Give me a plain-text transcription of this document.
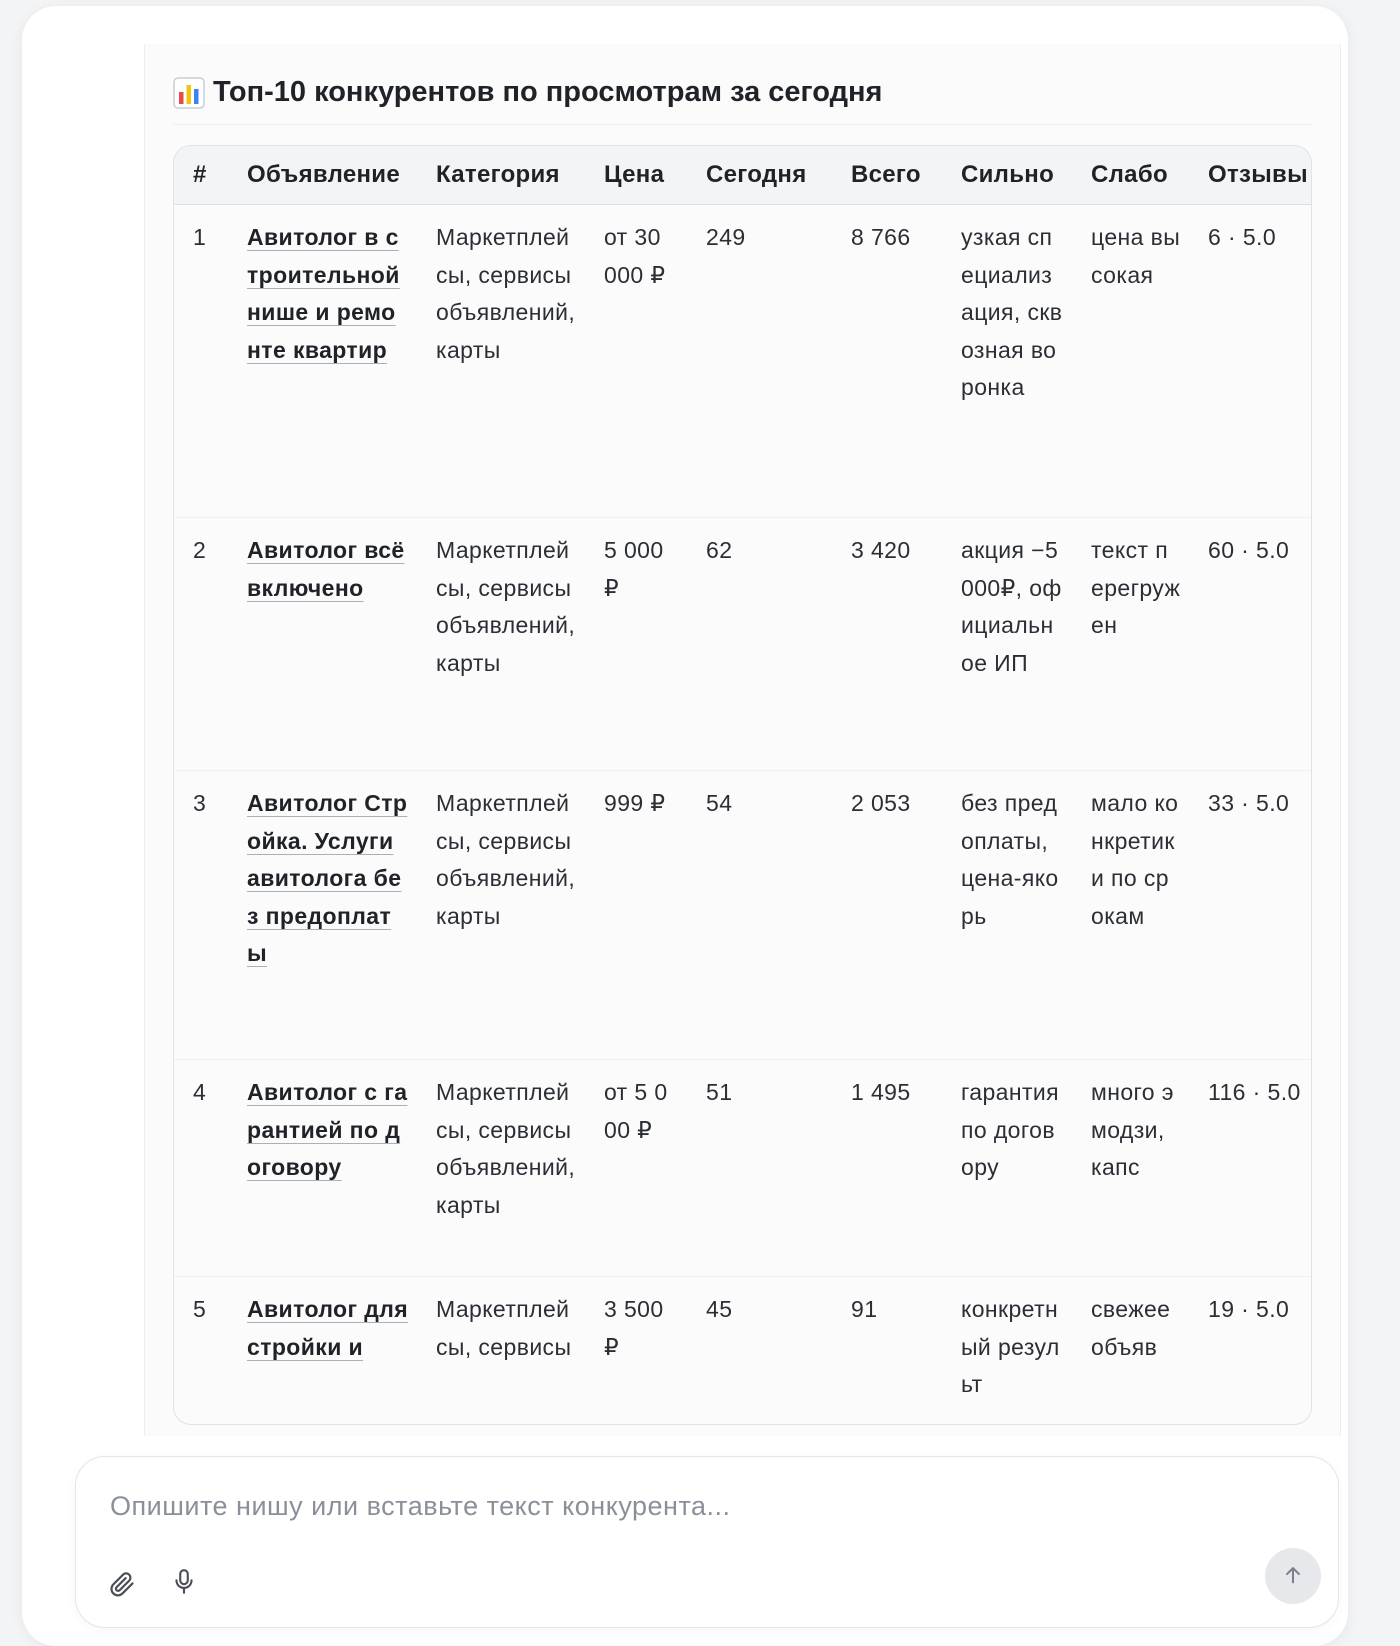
Топ-10 конкурентов по просмотрам за сегодня
#	Объявление	Категория	Цена	Сегодня	Всего	Сильно	Слабо	Отзывы
1	Авитолог в строительной нише и ремонте квартир	Маркетплейсы, сервисы объявлений, карты	от 30 000 ₽	249	8 766	узкая специализация, сквозная воронка	цена высокая	6 · 5.0
2	Авитолог всё включено	Маркетплейсы, сервисы объявлений, карты	5 000 ₽	62	3 420	акция −5000₽, официальное ИП	текст перегружен	60 · 5.0
3	Авитолог Стройка. Услуги авитолога без предоплаты	Маркетплейсы, сервисы объявлений, карты	999 ₽	54	2 053	без предоплаты, цена-якорь	мало конкретики по срокам	33 · 5.0
4	Авитолог с гарантией по договору	Маркетплейсы, сервисы объявлений, карты	от 5 000 ₽	51	1 495	гарантия по договору	много эмодзи, капс	116 · 5.0
5	Авитолог для стройки и	Маркетплейсы, сервисы	3 500 ₽	45	91	конкретный результ	свежее объяв	19 · 5.0
Опишите нишу или вставьте текст конкурента...
